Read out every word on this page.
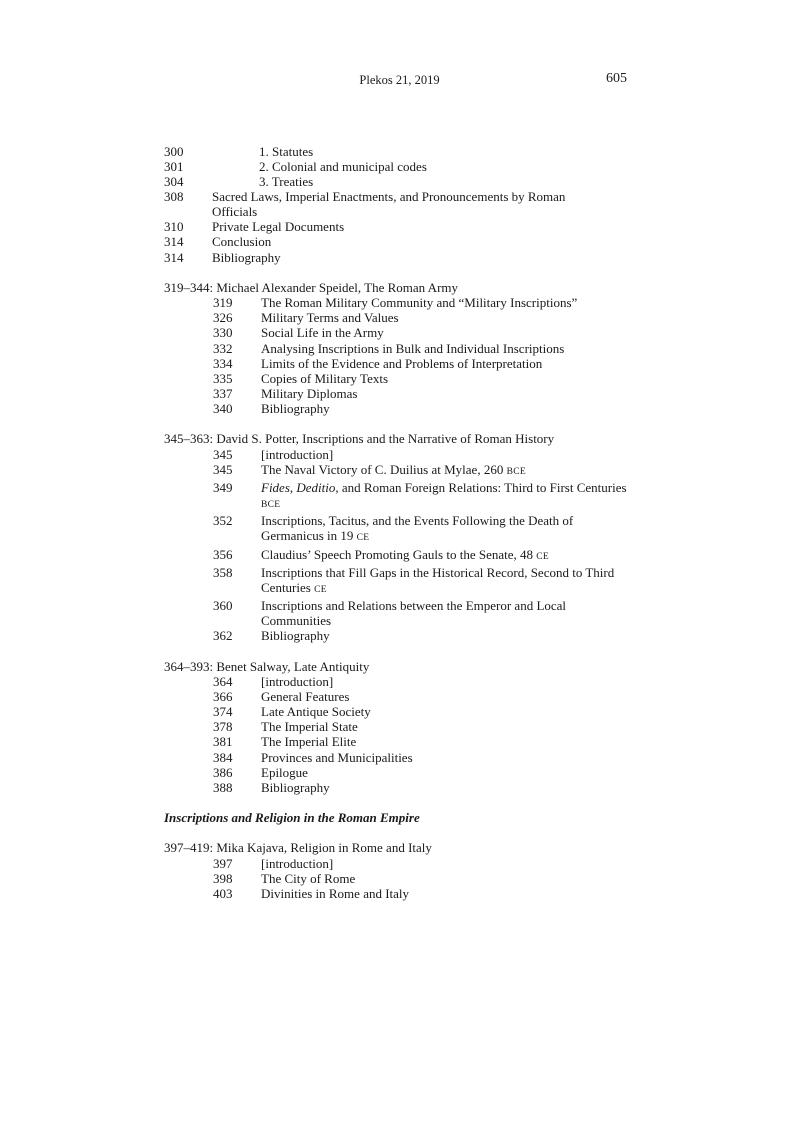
Plekos 21, 2019	605
300	1. Statutes
301	2. Colonial and municipal codes
304	3. Treaties
308	Sacred Laws, Imperial Enactments, and Pronouncements by Roman
Officials
310	Private Legal Documents
314	Conclusion
314	Bibliography
319–344: Michael Alexander Speidel, The Roman Army
319	The Roman Military Community and “Military Inscriptions”
326	Military Terms and Values
330	Social Life in the Army
332	Analysing Inscriptions in Bulk and Individual Inscriptions
334	Limits of the Evidence and Problems of Interpretation
335	Copies of Military Texts
337	Military Diplomas
340	Bibliography
345–363: David S. Potter, Inscriptions and the Narrative of Roman History
345	[introduction]
345	The Naval Victory of C. Duilius at Mylae, 260 BCE
349	Fides, Deditio, and Roman Foreign Relations: Third to First Centuries
BCE
352	Inscriptions, Tacitus, and the Events Following the Death of
Germanicus in 19 CE
356	Claudius’ Speech Promoting Gauls to the Senate, 48 CE
358	Inscriptions that Fill Gaps in the Historical Record, Second to Third
Centuries CE
360	Inscriptions and Relations between the Emperor and Local
Communities
362	Bibliography
364–393: Benet Salway, Late Antiquity
364	[introduction]
366	General Features
374	Late Antique Society
378	The Imperial State
381	The Imperial Elite
384	Provinces and Municipalities
386	Epilogue
388	Bibliography
Inscriptions and Religion in the Roman Empire
397–419: Mika Kajava, Religion in Rome and Italy
397	[introduction]
398	The City of Rome
403	Divinities in Rome and Italy
